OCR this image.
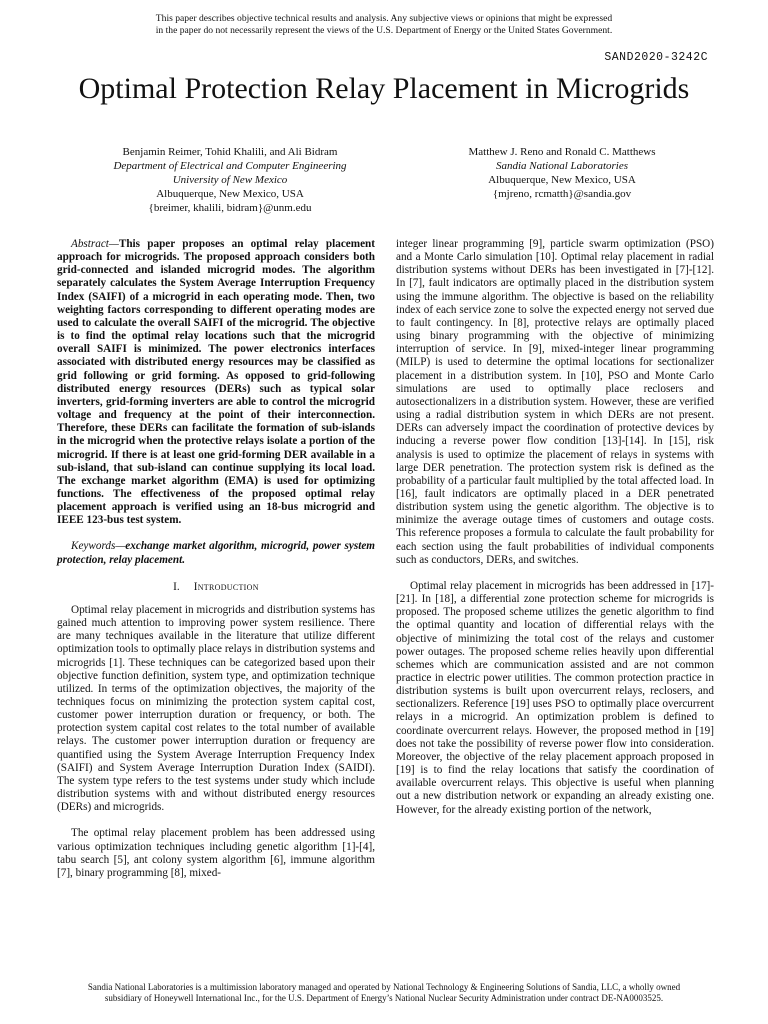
This paper describes objective technical results and analysis. Any subjective views or opinions that might be expressed
in the paper do not necessarily represent the views of the U.S. Department of Energy or the United States Government.
SAND2020-3242C
Optimal Protection Relay Placement in Microgrids
Benjamin Reimer, Tohid Khalili, and Ali Bidram
Department of Electrical and Computer Engineering
University of New Mexico
Albuquerque, New Mexico, USA
{breimer, khalili, bidram}@unm.edu
Matthew J. Reno and Ronald C. Matthews
Sandia National Laboratories
Albuquerque, New Mexico, USA
{mjreno, rcmatth}@sandia.gov

Abstract—This paper proposes an optimal relay placement approach for microgrids. The proposed approach considers both grid-connected and islanded microgrid modes. The algorithm separately calculates the System Average Interruption Frequency Index (SAIFI) of a microgrid in each operating mode. Then, two weighting factors corresponding to different operating modes are used to calculate the overall SAIFI of the microgrid. The objective is to find the optimal relay locations such that the microgrid overall SAIFI is minimized. The power electronics interfaces associated with distributed energy resources may be classified as grid following or grid forming. As opposed to grid-following distributed energy resources (DERs) such as typical solar inverters, grid-forming inverters are able to control the microgrid voltage and frequency at the point of their interconnection. Therefore, these DERs can facilitate the formation of sub-islands in the microgrid when the protective relays isolate a portion of the microgrid. If there is at least one grid-forming DER available in a sub-island, that sub-island can continue supplying its local load. The exchange market algorithm (EMA) is used for optimizing functions. The effectiveness of the proposed optimal relay placement approach is verified using an 18-bus microgrid and IEEE 123-bus test system.

Keywords—exchange market algorithm, microgrid, power system protection, relay placement.

I. Introduction

Optimal relay placement in microgrids and distribution systems has gained much attention to improving power system resilience. There are many techniques available in the literature that utilize different optimization tools to optimally place relays in distribution systems and microgrids [1]. These techniques can be categorized based upon their objective function definition, system type, and optimization technique utilized. In terms of the optimization objectives, the majority of the techniques focus on minimizing the protection system capital cost, customer power interruption duration or frequency, or both. The protection system capital cost relates to the total number of available relays. The customer power interruption duration or frequency are quantified using the System Average Interruption Frequency Index (SAIFI) and System Average Interruption Duration Index (SAIDI). The system type refers to the test systems under study which include distribution systems with and without distributed energy resources (DERs) and microgrids.

The optimal relay placement problem has been addressed using various optimization techniques including genetic algorithm [1]-[4], tabu search [5], ant colony system algorithm [6], immune algorithm [7], binary programming [8], mixed-

integer linear programming [9], particle swarm optimization (PSO) and a Monte Carlo simulation [10]. Optimal relay placement in radial distribution systems without DERs has been investigated in [7]-[12]. In [7], fault indicators are optimally placed in the distribution system using the immune algorithm. The objective is based on the reliability index of each service zone to solve the expected energy not served due to fault contingency. In [8], protective relays are optimally placed using binary programming with the objective of minimizing interruption of service. In [9], mixed-integer linear programming (MILP) is used to determine the optimal locations for sectionalizer placement in a distribution system. In [10], PSO and Monte Carlo simulations are used to optimally place reclosers and autosectionalizers in a distribution system. However, these are verified using a radial distribution system in which DERs are not present. DERs can adversely impact the coordination of protective devices by inducing a reverse power flow condition [13]-[14]. In [15], risk analysis is used to optimize the placement of relays in systems with large DER penetration. The protection system risk is defined as the probability of a particular fault multiplied by the total affected load. In [16], fault indicators are optimally placed in a DER penetrated distribution system using the genetic algorithm. The objective is to minimize the average outage times of customers and outage costs. This reference proposes a formula to calculate the fault probability for each section using the fault probabilities of individual components such as conductors, DERs, and switches.

Optimal relay placement in microgrids has been addressed in [17]-[21]. In [18], a differential zone protection scheme for microgrids is proposed. The proposed scheme utilizes the genetic algorithm to find the optimal quantity and location of differential relays with the objective of minimizing the total cost of the relays and customer power outages. The proposed scheme relies heavily upon differential schemes which are communication assisted and are not common practice in electric power utilities. The common protection practice in distribution systems is built upon overcurrent relays, reclosers, and sectionalizers. Reference [19] uses PSO to optimally place overcurrent relays in a microgrid. An optimization problem is defined to coordinate overcurrent relays. However, the proposed method in [19] does not take the possibility of reverse power flow into consideration. Moreover, the objective of the relay placement approach proposed in [19] is to find the relay locations that satisfy the coordination of available overcurrent relays. This objective is useful when planning out a new distribution network or expanding an already existing one. However, for the already existing portion of the network,

Sandia National Laboratories is a multimission laboratory managed and operated by National Technology & Engineering Solutions of Sandia, LLC, a wholly owned
subsidiary of Honeywell International Inc., for the U.S. Department of Energy’s National Nuclear Security Administration under contract DE-NA0003525.
